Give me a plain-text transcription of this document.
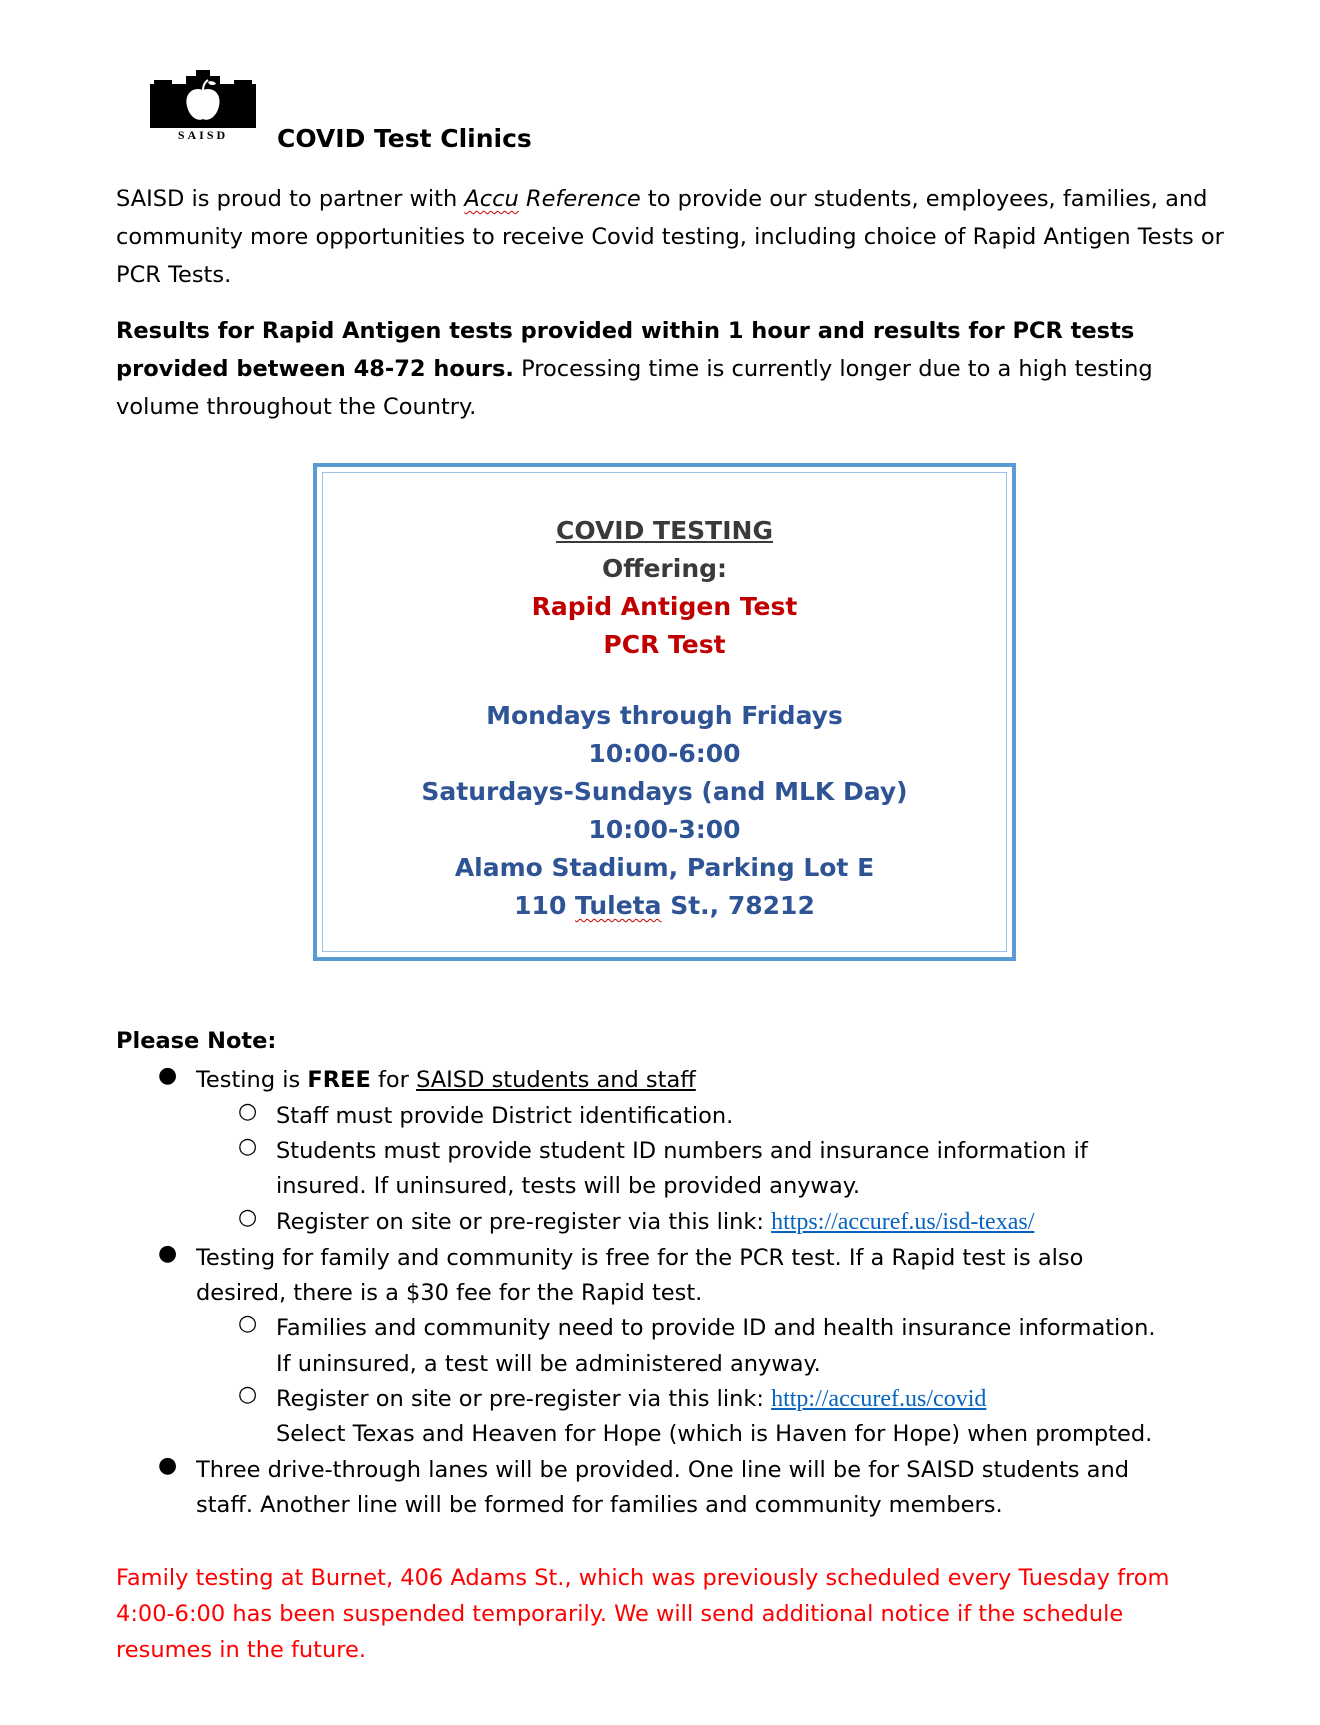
SAISD	COVID Test Clinics
SAISD is proud to partner with Accu Reference to provide our students, employees, families, and community more opportunities to receive Covid testing, including choice of Rapid Antigen Tests or PCR Tests.
Results for Rapid Antigen tests provided within 1 hour and results for PCR tests provided between 48-72 hours. Processing time is currently longer due to a high testing volume throughout the Country.
COVID TESTING
Offering:
Rapid Antigen Test
PCR Test
Mondays through Fridays
10:00-6:00
Saturdays-Sundays (and MLK Day)
10:00-3:00
Alamo Stadium, Parking Lot E
110 Tuleta St., 78212
Please Note:
● Testing is FREE for SAISD students and staff
○ Staff must provide District identification.
○ Students must provide student ID numbers and insurance information if
insured. If uninsured, tests will be provided anyway.
○ Register on site or pre-register via this link: https://accuref.us/isd-texas/
● Testing for family and community is free for the PCR test. If a Rapid test is also
desired, there is a $30 fee for the Rapid test.
○ Families and community need to provide ID and health insurance information.
If uninsured, a test will be administered anyway.
○ Register on site or pre-register via this link: http://accuref.us/covid
Select Texas and Heaven for Hope (which is Haven for Hope) when prompted.
● Three drive-through lanes will be provided. One line will be for SAISD students and
staff. Another line will be formed for families and community members.
Family testing at Burnet, 406 Adams St., which was previously scheduled every Tuesday from 4:00-6:00 has been suspended temporarily. We will send additional notice if the schedule resumes in the future.
